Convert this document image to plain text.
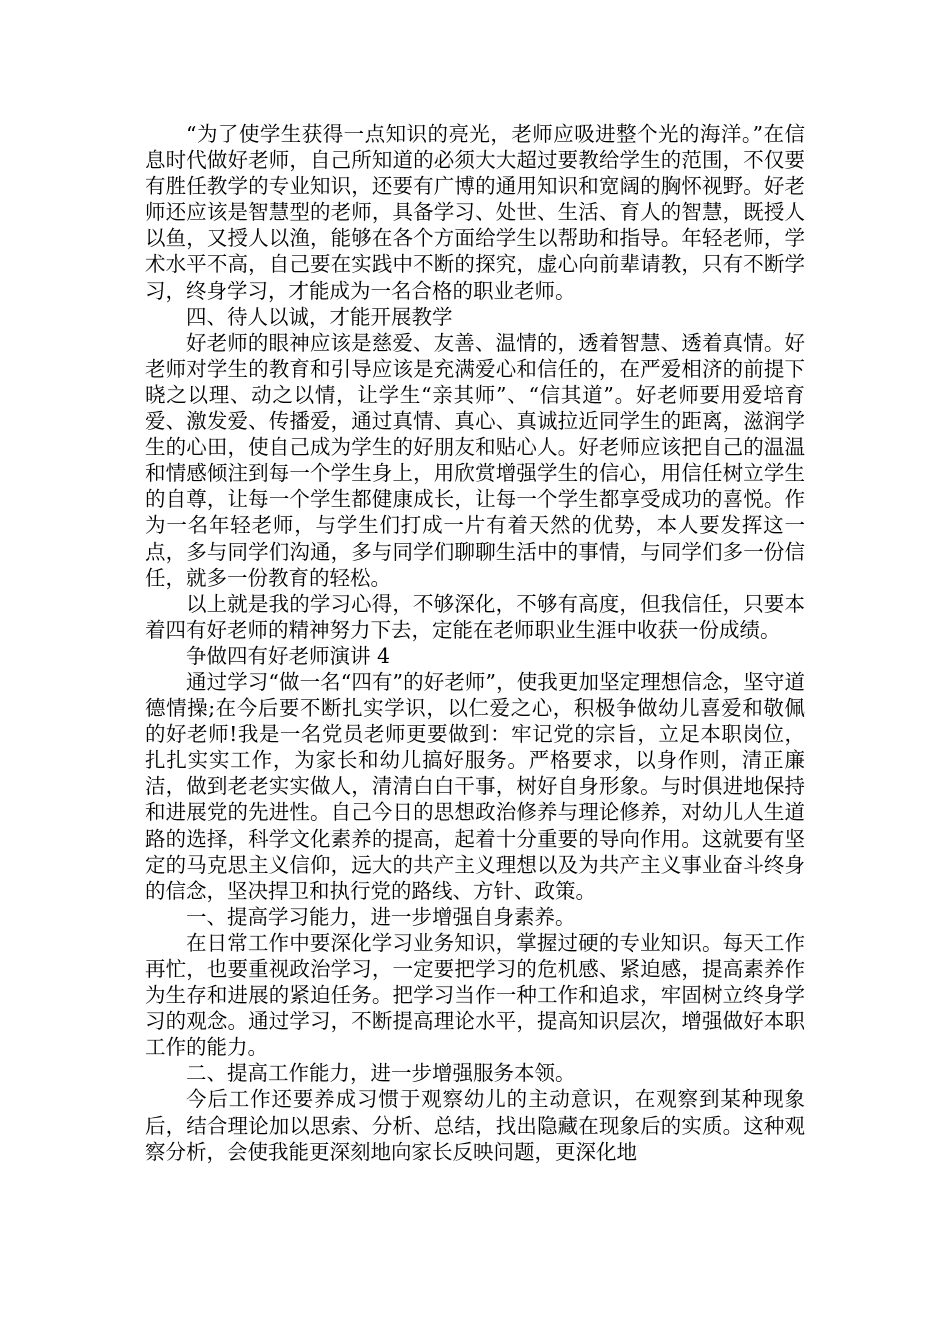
“为了使学生获得一点知识的亮光，老师应吸进整个光的海洋。”在信息时代做好老师，自己所知道的必须大大超过要教给学生的范围，不仅要有胜任教学的专业知识，还要有广博的通用知识和宽阔的胸怀视野。好老师还应该是智慧型的老师，具备学习、处世、生活、育人的智慧，既授人以鱼，又授人以渔，能够在各个方面给学生以帮助和指导。年轻老师，学术水平不高，自己要在实践中不断的探究，虚心向前辈请教，只有不断学习，终身学习，才能成为一名合格的职业老师。

四、待人以诚，才能开展教学

好老师的眼神应该是慈爱、友善、温情的，透着智慧、透着真情。好老师对学生的教育和引导应该是充满爱心和信任的，在严爱相济的前提下晓之以理、动之以情，让学生“亲其师”、“信其道”。好老师要用爱培育爱、激发爱、传播爱，通过真情、真心、真诚拉近同学生的距离，滋润学生的心田，使自己成为学生的好朋友和贴心人。好老师应该把自己的温温和情感倾注到每一个学生身上，用欣赏增强学生的信心，用信任树立学生的自尊，让每一个学生都健康成长，让每一个学生都享受成功的喜悦。作为一名年轻老师，与学生们打成一片有着天然的优势，本人要发挥这一点，多与同学们沟通，多与同学们聊聊生活中的事情，与同学们多一份信任，就多一份教育的轻松。

以上就是我的学习心得，不够深化，不够有高度，但我信任，只要本着四有好老师的精神努力下去，定能在老师职业生涯中收获一份成绩。

争做四有好老师演讲 4

通过学习“做一名“四有”的好老师”，使我更加坚定理想信念，坚守道德情操;在今后要不断扎实学识，以仁爱之心，积极争做幼儿喜爱和敬佩的好老师!我是一名党员老师更要做到：牢记党的宗旨，立足本职岗位，扎扎实实工作，为家长和幼儿搞好服务。严格要求，以身作则，清正廉洁，做到老老实实做人，清清白白干事，树好自身形象。与时俱进地保持和进展党的先进性。自己今日的思想政治修养与理论修养，对幼儿人生道路的选择，科学文化素养的提高，起着十分重要的导向作用。这就要有坚定的马克思主义信仰，远大的共产主义理想以及为共产主义事业奋斗终身的信念，坚决捍卫和执行党的路线、方针、政策。

一、提高学习能力，进一步增强自身素养。

在日常工作中要深化学习业务知识，掌握过硬的专业知识。每天工作再忙，也要重视政治学习，一定要把学习的危机感、紧迫感，提高素养作为生存和进展的紧迫任务。把学习当作一种工作和追求，牢固树立终身学习的观念。通过学习，不断提高理论水平，提高知识层次，增强做好本职工作的能力。

二、提高工作能力，进一步增强服务本领。

今后工作还要养成习惯于观察幼儿的主动意识，在观察到某种现象后，结合理论加以思索、分析、总结，找出隐藏在现象后的实质。这种观察分析，会使我能更深刻地向家长反映问题，更深化地
